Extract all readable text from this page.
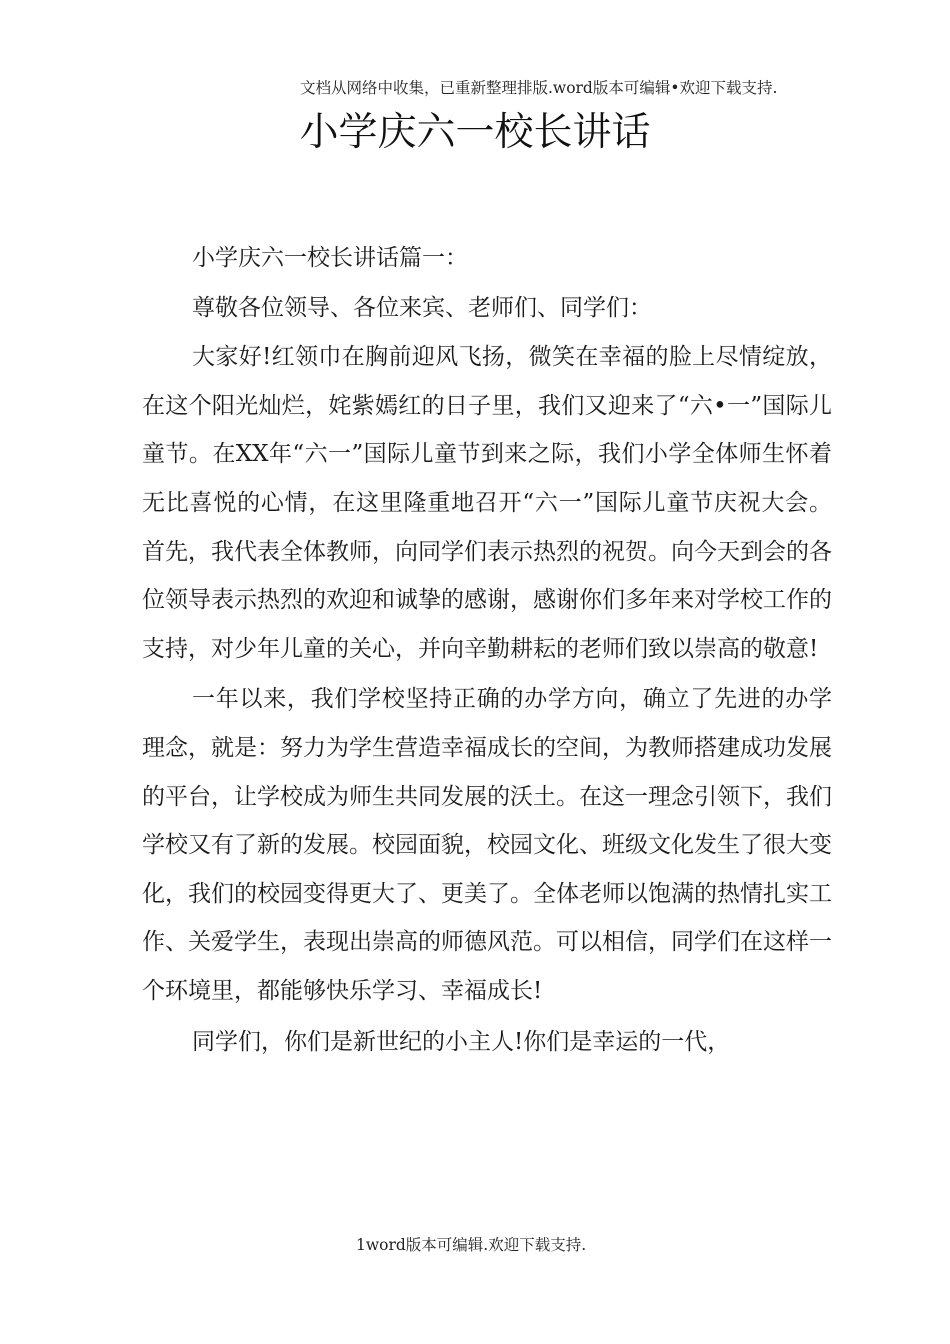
文档从网络中收集，已重新整理排版.word版本可编辑•欢迎下载支持.
小学庆六一校长讲话

小学庆六一校长讲话篇一：

尊敬各位领导、各位来宾、老师们、同学们：

大家好!红领巾在胸前迎风飞扬，微笑在幸福的脸上尽情绽放，在这个阳光灿烂，姹紫嫣红的日子里，我们又迎来了“六•一”国际儿童节。在XX年“六一”国际儿童节到来之际，我们小学全体师生怀着无比喜悦的心情，在这里隆重地召开“六一”国际儿童节庆祝大会。首先，我代表全体教师，向同学们表示热烈的祝贺。向今天到会的各位领导表示热烈的欢迎和诚挚的感谢，感谢你们多年来对学校工作的支持，对少年儿童的关心，并向辛勤耕耘的老师们致以崇高的敬意!

一年以来，我们学校坚持正确的办学方向，确立了先进的办学理念，就是：努力为学生营造幸福成长的空间，为教师搭建成功发展的平台，让学校成为师生共同发展的沃土。在这一理念引领下，我们学校又有了新的发展。校园面貌，校园文化、班级文化发生了很大变化，我们的校园变得更大了、更美了。全体老师以饱满的热情扎实工作、关爱学生，表现出崇高的师德风范。可以相信，同学们在这样一个环境里，都能够快乐学习、幸福成长!

同学们，你们是新世纪的小主人!你们是幸运的一代，

1word版本可编辑.欢迎下载支持.
